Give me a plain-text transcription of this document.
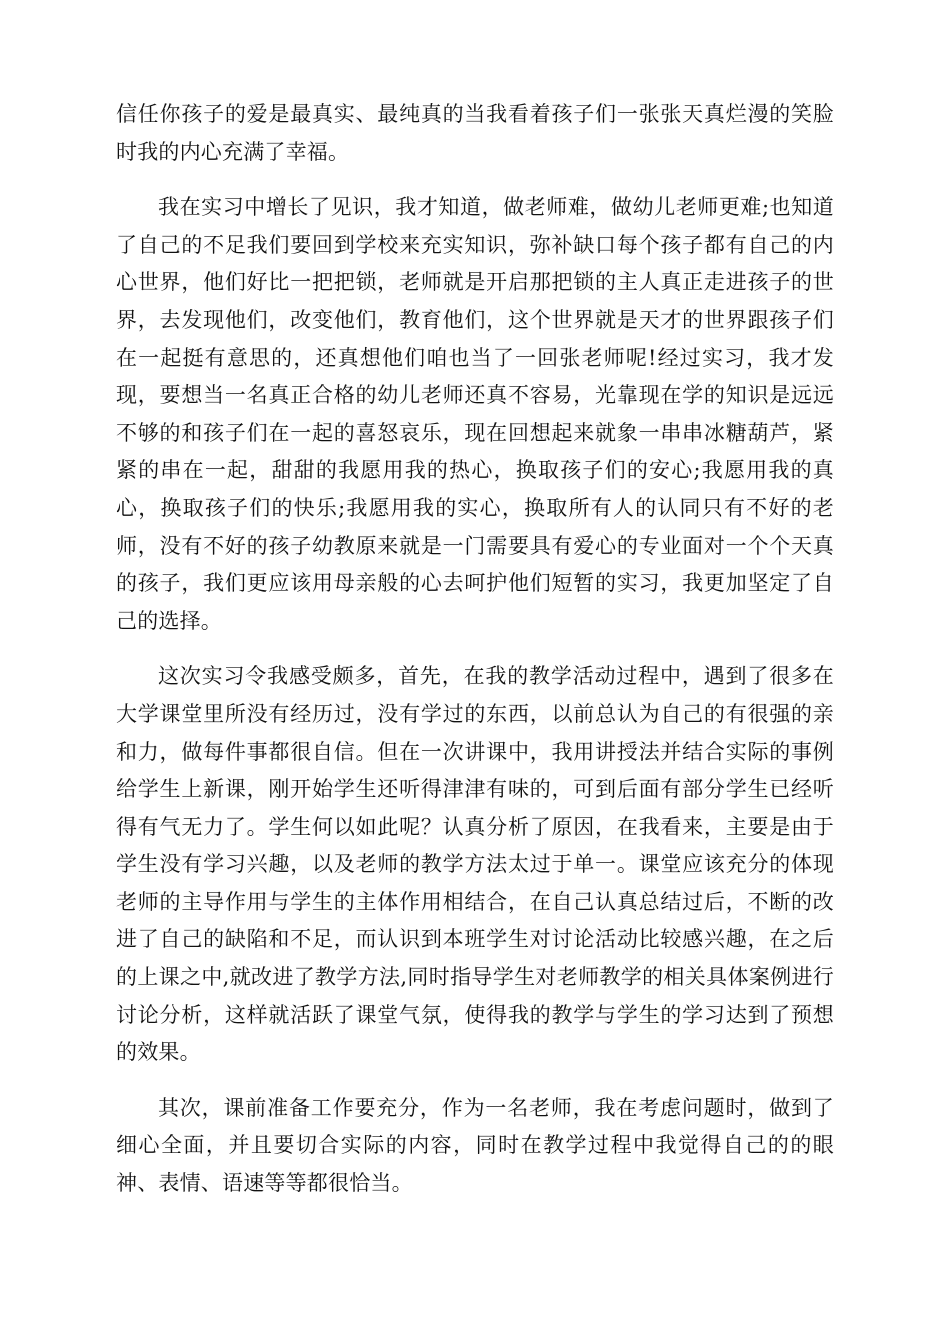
信任你孩子的爱是最真实、最纯真的当我看着孩子们一张张天真烂漫的笑脸时我的内心充满了幸福。

我在实习中增长了见识，我才知道，做老师难，做幼儿老师更难;也知道了自己的不足我们要回到学校来充实知识，弥补缺口每个孩子都有自己的内心世界，他们好比一把把锁，老师就是开启那把锁的主人真正走进孩子的世界，去发现他们，改变他们，教育他们，这个世界就是天才的世界跟孩子们在一起挺有意思的，还真想他们咱也当了一回张老师呢!经过实习，我才发现，要想当一名真正合格的幼儿老师还真不容易，光靠现在学的知识是远远不够的和孩子们在一起的喜怒哀乐，现在回想起来就象一串串冰糖葫芦，紧紧的串在一起，甜甜的我愿用我的热心，换取孩子们的安心;我愿用我的真心，换取孩子们的快乐;我愿用我的实心，换取所有人的认同只有不好的老师，没有不好的孩子幼教原来就是一门需要具有爱心的专业面对一个个天真的孩子，我们更应该用母亲般的心去呵护他们短暂的实习，我更加坚定了自己的选择。

这次实习令我感受颇多，首先，在我的教学活动过程中，遇到了很多在大学课堂里所没有经历过，没有学过的东西，以前总认为自己的有很强的亲和力，做每件事都很自信。但在一次讲课中，我用讲授法并结合实际的事例给学生上新课，刚开始学生还听得津津有味的，可到后面有部分学生已经听得有气无力了。学生何以如此呢？认真分析了原因，在我看来，主要是由于学生没有学习兴趣，以及老师的教学方法太过于单一。课堂应该充分的体现老师的主导作用与学生的主体作用相结合，在自己认真总结过后，不断的改进了自己的缺陷和不足，而认识到本班学生对讨论活动比较感兴趣，在之后的上课之中,就改进了教学方法,同时指导学生对老师教学的相关具体案例进行讨论分析，这样就活跃了课堂气氛，使得我的教学与学生的学习达到了预想的效果。

其次，课前准备工作要充分，作为一名老师，我在考虑问题时，做到了细心全面，并且要切合实际的内容，同时在教学过程中我觉得自己的的眼神、表情、语速等等都很恰当。
